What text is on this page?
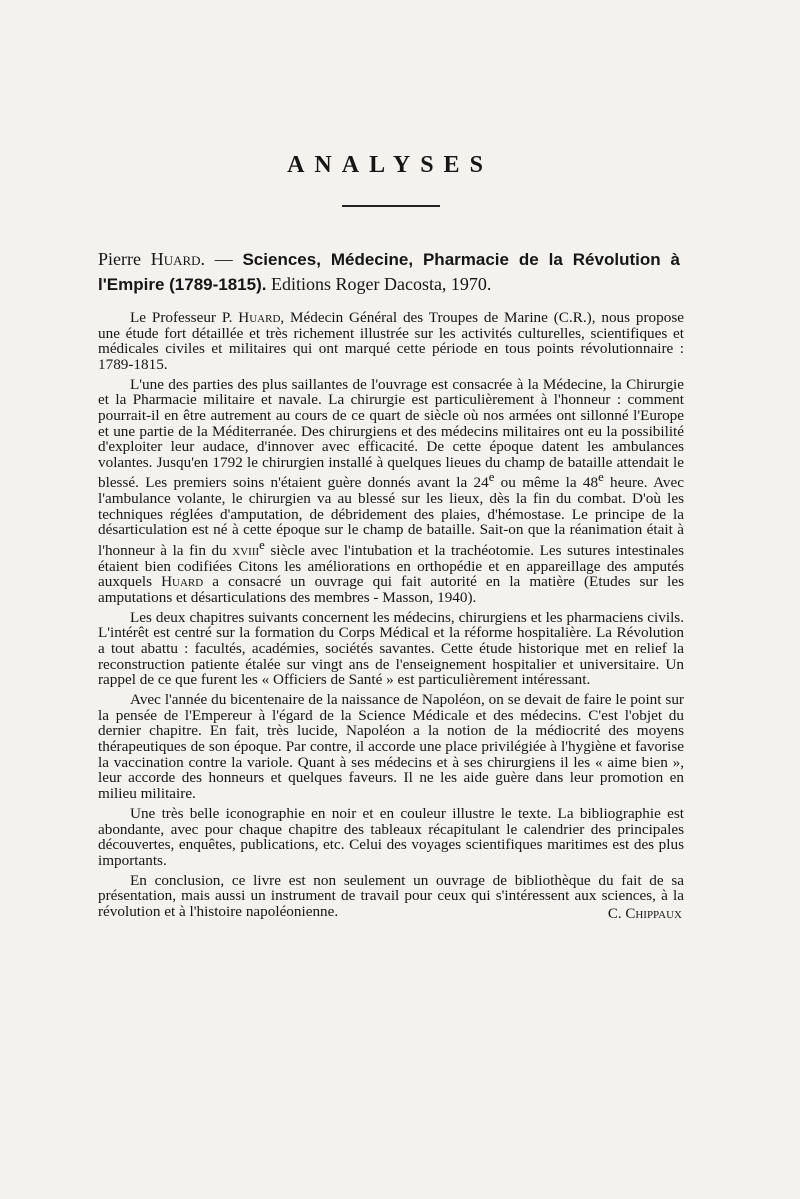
ANALYSES
Pierre Huard. — Sciences, Médecine, Pharmacie de la Révolution à l'Empire (1789-1815). Editions Roger Dacosta, 1970.

Le Professeur P. Huard, Médecin Général des Troupes de Marine (C.R.), nous propose une étude fort détaillée et très richement illustrée sur les activités culturelles, scientifiques et médicales civiles et militaires qui ont marqué cette période en tous points révolutionnaire : 1789-1815.

L'une des parties des plus saillantes de l'ouvrage est consacrée à la Médecine, la Chirurgie et la Pharmacie militaire et navale. La chirurgie est particulièrement à l'honneur : comment pourrait-il en être autrement au cours de ce quart de siècle où nos armées ont sillonné l'Europe et une partie de la Méditerranée. Des chirurgiens et des médecins militaires ont eu la possibilité d'exploiter leur audace, d'innover avec efficacité. De cette époque datent les ambulances volantes. Jusqu'en 1792 le chirurgien installé à quelques lieues du champ de bataille attendait le blessé. Les premiers soins n'étaient guère donnés avant la 24e ou même la 48e heure. Avec l'ambulance volante, le chirurgien va au blessé sur les lieux, dès la fin du combat. D'où les techniques réglées d'amputation, de débridement des plaies, d'hémostase. Le principe de la désarticulation est né à cette époque sur le champ de bataille. Sait-on que la réanimation était à l'honneur à la fin du xviii$^e$ siècle avec l'intubation et la trachéotomie. Les sutures intestinales étaient bien codifiées Citons les améliorations en orthopédie et en appareillage des amputés auxquels Huard a consacré un ouvrage qui fait autorité en la matière (Etudes sur les amputations et désarticulations des membres - Masson, 1940).

Les deux chapitres suivants concernent les médecins, chirurgiens et les pharmaciens civils. L'intérêt est centré sur la formation du Corps Médical et la réforme hospitalière. La Révolution a tout abattu : facultés, académies, sociétés savantes. Cette étude historique met en relief la reconstruction patiente étalée sur vingt ans de l'enseignement hospitalier et universitaire. Un rappel de ce que furent les « Officiers de Santé » est particulièrement intéressant.

Avec l'année du bicentenaire de la naissance de Napoléon, on se devait de faire le point sur la pensée de l'Empereur à l'égard de la Science Médicale et des médecins. C'est l'objet du dernier chapitre. En fait, très lucide, Napoléon a la notion de la médiocrité des moyens thérapeutiques de son époque. Par contre, il accorde une place privilégiée à l'hygiène et favorise la vaccination contre la variole. Quant à ses médecins et à ses chirurgiens il les « aime bien », leur accorde des honneurs et quelques faveurs. Il ne les aide guère dans leur promotion en milieu militaire.

Une très belle iconographie en noir et en couleur illustre le texte. La bibliographie est abondante, avec pour chaque chapitre des tableaux récapitulant le calendrier des principales découvertes, enquêtes, publications, etc. Celui des voyages scientifiques maritimes est des plus importants.

En conclusion, ce livre est non seulement un ouvrage de bibliothèque du fait de sa présentation, mais aussi un instrument de travail pour ceux qui s'intéressent aux sciences, à la révolution et à l'histoire napoléonienne.	C. Chippaux
